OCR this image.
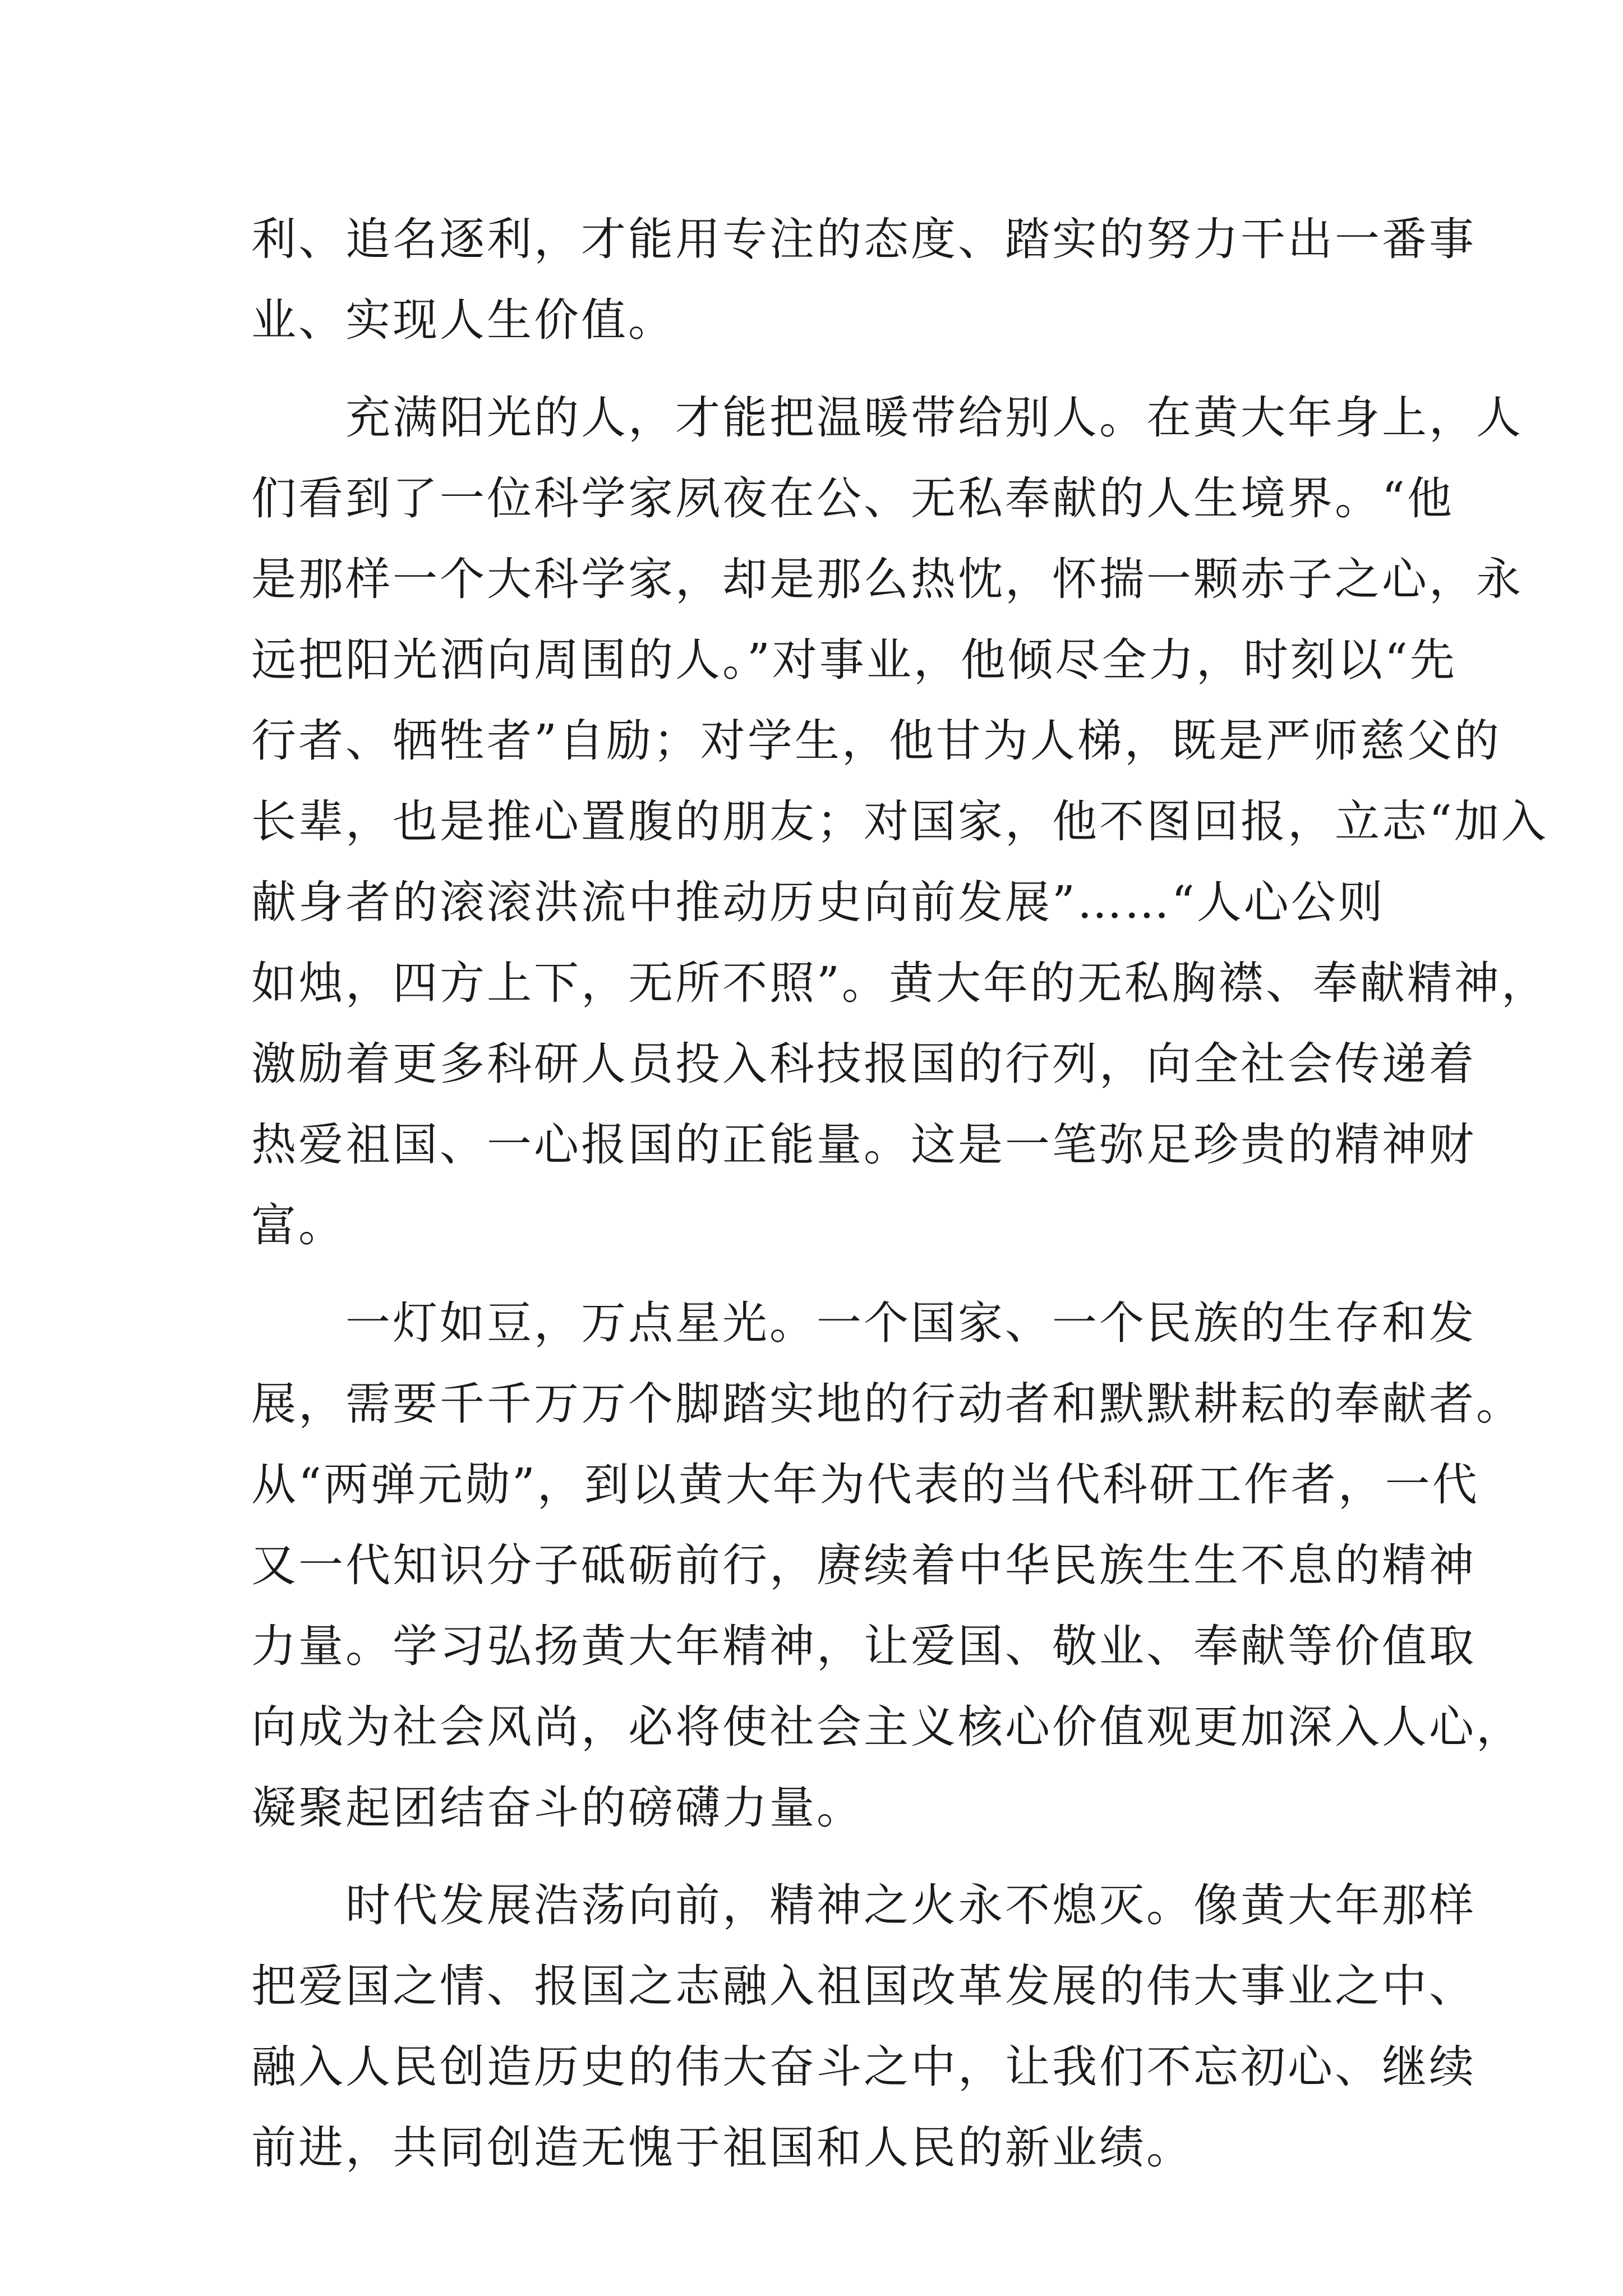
利、追名逐利，才能用专注的态度、踏实的努力干出一番事
业、实现人生价值。
　　充满阳光的人，才能把温暖带给别人。在黄大年身上，人
们看到了一位科学家夙夜在公、无私奉献的人生境界。“他
是那样一个大科学家，却是那么热忱，怀揣一颗赤子之心，永
远把阳光洒向周围的人。”对事业，他倾尽全力，时刻以“先
行者、牺牲者”自励；对学生，他甘为人梯，既是严师慈父的
长辈，也是推心置腹的朋友；对国家，他不图回报，立志“加入
献身者的滚滚洪流中推动历史向前发展”……“人心公则
如烛，四方上下，无所不照”。黄大年的无私胸襟、奉献精神，
激励着更多科研人员投入科技报国的行列，向全社会传递着
热爱祖国、一心报国的正能量。这是一笔弥足珍贵的精神财
富。
　　一灯如豆，万点星光。一个国家、一个民族的生存和发
展，需要千千万万个脚踏实地的行动者和默默耕耘的奉献者。
从“两弹元勋”，到以黄大年为代表的当代科研工作者，一代
又一代知识分子砥砺前行，赓续着中华民族生生不息的精神
力量。学习弘扬黄大年精神，让爱国、敬业、奉献等价值取
向成为社会风尚，必将使社会主义核心价值观更加深入人心，
凝聚起团结奋斗的磅礴力量。
　　时代发展浩荡向前，精神之火永不熄灭。像黄大年那样
把爱国之情、报国之志融入祖国改革发展的伟大事业之中、
融入人民创造历史的伟大奋斗之中，让我们不忘初心、继续
前进，共同创造无愧于祖国和人民的新业绩。
